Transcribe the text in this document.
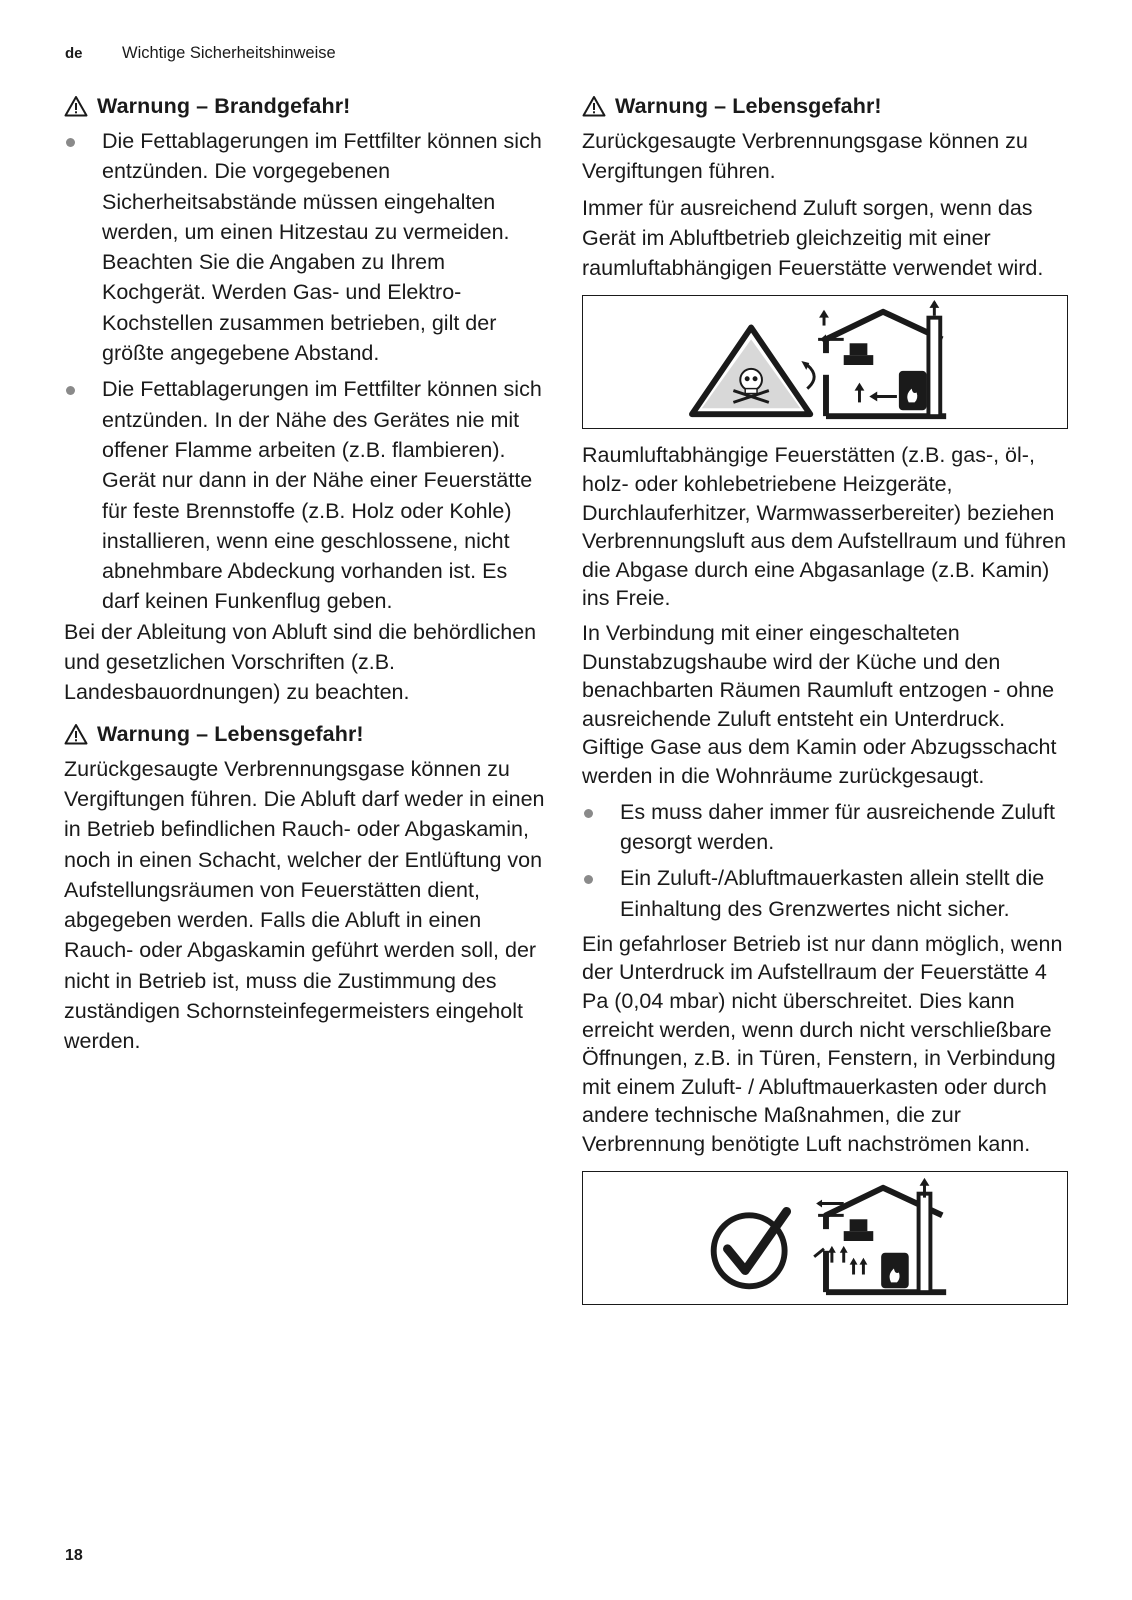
de Wichtige Sicherheitshinweise
Warnung – Brandgefahr!
Die Fettablagerungen im Fettfilter können sich entzünden. Die vorgegebenen Sicherheitsabstände müssen eingehalten werden, um einen Hitzestau zu vermeiden. Beachten Sie die Angaben zu Ihrem Kochgerät. Werden Gas- und Elektro-Kochstellen zusammen betrieben, gilt der größte angegebene Abstand.
Die Fettablagerungen im Fettfilter können sich entzünden. In der Nähe des Gerätes nie mit offener Flamme arbeiten (z.B. flambieren). Gerät nur dann in der Nähe einer Feuerstätte für feste Brennstoffe (z.B. Holz oder Kohle) installieren, wenn eine geschlossene, nicht abnehmbare Abdeckung vorhanden ist. Es darf keinen Funkenflug geben.

Bei der Ableitung von Abluft sind die behördlichen und gesetzlichen Vorschriften (z.B. Landesbauordnungen) zu beachten.

Warnung – Lebensgefahr!

Zurückgesaugte Verbrennungsgase können zu Vergiftungen führen. Die Abluft darf weder in einen in Betrieb befindlichen Rauch- oder Abgaskamin, noch in einen Schacht, welcher der Entlüftung von Aufstellungsräumen von Feuerstätten dient, abgegeben werden. Falls die Abluft in einen Rauch- oder Abgaskamin geführt werden soll, der nicht in Betrieb ist, muss die Zustimmung des zuständigen Schornsteinfegermeisters eingeholt werden.

Warnung – Lebensgefahr!

Zurückgesaugte Verbrennungsgase können zu Vergiftungen führen.

Immer für ausreichend Zuluft sorgen, wenn das Gerät im Abluftbetrieb gleichzeitig mit einer raumluftabhängigen Feuerstätte verwendet wird.

Raumluftabhängige Feuerstätten (z.B. gas-, öl-, holz- oder kohlebetriebene Heizgeräte, Durchlauferhitzer, Warmwasserbereiter) beziehen Verbrennungsluft aus dem Aufstellraum und führen die Abgase durch eine Abgasanlage (z.B. Kamin) ins Freie.

In Verbindung mit einer eingeschalteten Dunstabzugshaube wird der Küche und den benachbarten Räumen Raumluft entzogen - ohne ausreichende Zuluft entsteht ein Unterdruck. Giftige Gase aus dem Kamin oder Abzugsschacht werden in die Wohnräume zurückgesaugt.

Es muss daher immer für ausreichende Zuluft gesorgt werden.
Ein Zuluft-/Abluftmauerkasten allein stellt die Einhaltung des Grenzwertes nicht sicher.

Ein gefahrloser Betrieb ist nur dann möglich, wenn der Unterdruck im Aufstellraum der Feuerstätte 4 Pa (0,04 mbar) nicht überschreitet. Dies kann erreicht werden, wenn durch nicht verschließbare Öffnungen, z.B. in Türen, Fenstern, in Verbindung mit einem Zuluft- / Abluftmauerkasten oder durch andere technische Maßnahmen, die zur Verbrennung benötigte Luft nachströmen kann.

18
